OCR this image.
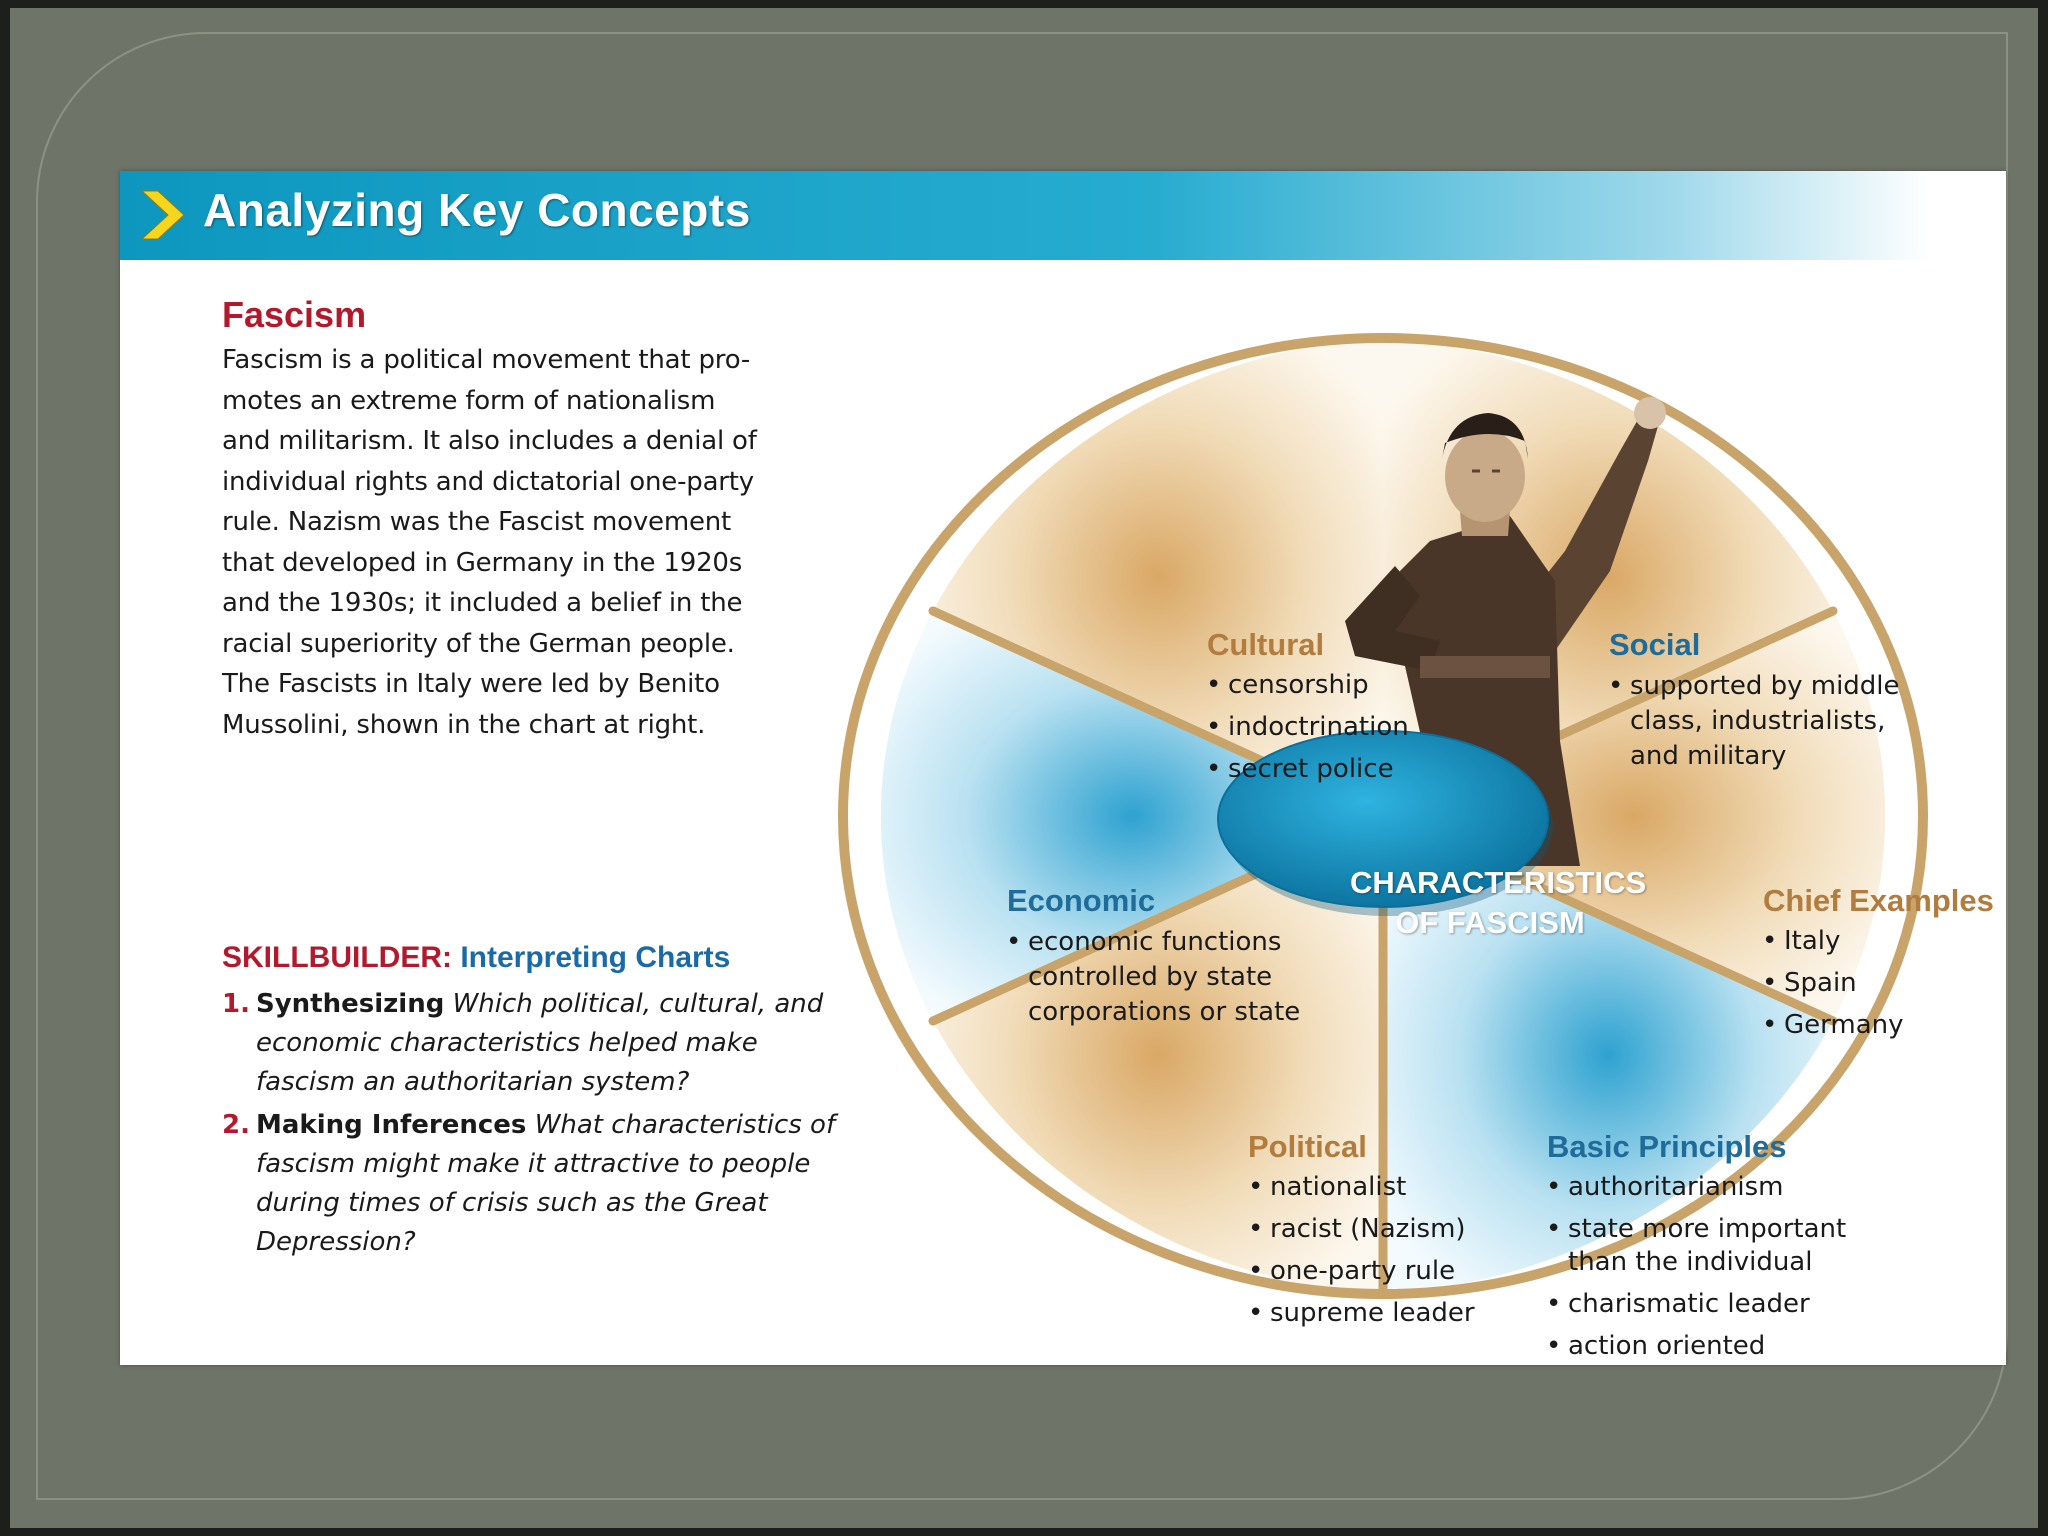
Analyzing Key Concepts
Fascism

Fascism is a political movement that pro-
motes an extreme form of nationalism
and militarism. It also includes a denial of
individual rights and dictatorial one-party
rule. Nazism was the Fascist movement
that developed in Germany in the 1920s
and the 1930s; it included a belief in the
racial superiority of the German people.
The Fascists in Italy were led by Benito
Mussolini, shown in the chart at right.

SKILLBUILDER: Interpreting Charts
1. Synthesizing Which political, cultural, and economic characteristics helped make fascism an authoritarian system?
2. Making Inferences What characteristics of fascism might make it attractive to people during times of crisis such as the Great Depression?
CHARACTERISTICS
OF FASCISM
Cultural
• censorship
• indoctrination
• secret police
Social
• supported by middle class, industrialists, and military
Economic
• economic functions controlled by state corporations or state
Chief Examples
• Italy
• Spain
• Germany
Political
• nationalist
• racist (Nazism)
• one-party rule
• supreme leader
Basic Principles
• authoritarianism
• state more important than the individual
• charismatic leader
• action oriented
